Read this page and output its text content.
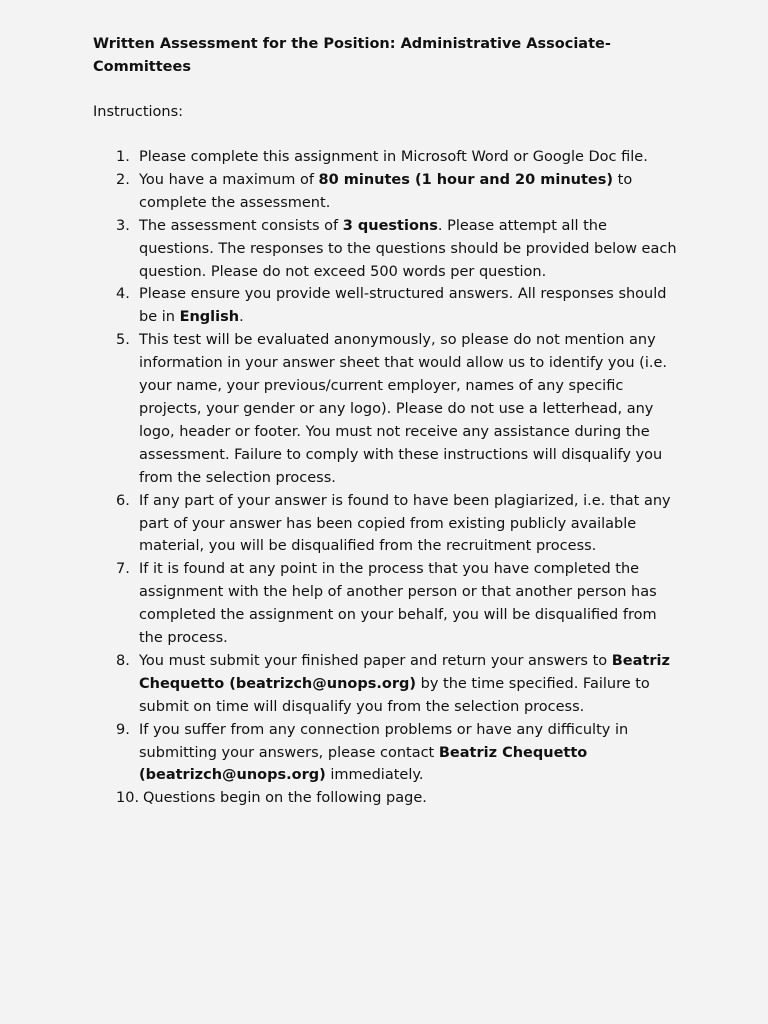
Written Assessment for the Position: Administrative Associate-Committees

Instructions:

1. Please complete this assignment in Microsoft Word or Google Doc file.
2. You have a maximum of 80 minutes (1 hour and 20 minutes) to complete the assessment.
3. The assessment consists of 3 questions. Please attempt all the questions. The responses to the questions should be provided below each question. Please do not exceed 500 words per question.
4. Please ensure you provide well-structured answers. All responses should be in English.
5. This test will be evaluated anonymously, so please do not mention any information in your answer sheet that would allow us to identify you (i.e. your name, your previous/current employer, names of any specific projects, your gender or any logo). Please do not use a letterhead, any logo, header or footer. You must not receive any assistance during the assessment. Failure to comply with these instructions will disqualify you from the selection process.
6. If any part of your answer is found to have been plagiarized, i.e. that any part of your answer has been copied from existing publicly available material, you will be disqualified from the recruitment process.
7. If it is found at any point in the process that you have completed the assignment with the help of another person or that another person has completed the assignment on your behalf, you will be disqualified from the process.
8. You must submit your finished paper and return your answers to Beatriz Chequetto (beatrizch@unops.org) by the time specified. Failure to submit on time will disqualify you from the selection process.
9. If you suffer from any connection problems or have any difficulty in submitting your answers, please contact Beatriz Chequetto (beatrizch@unops.org) immediately.
10. Questions begin on the following page.
